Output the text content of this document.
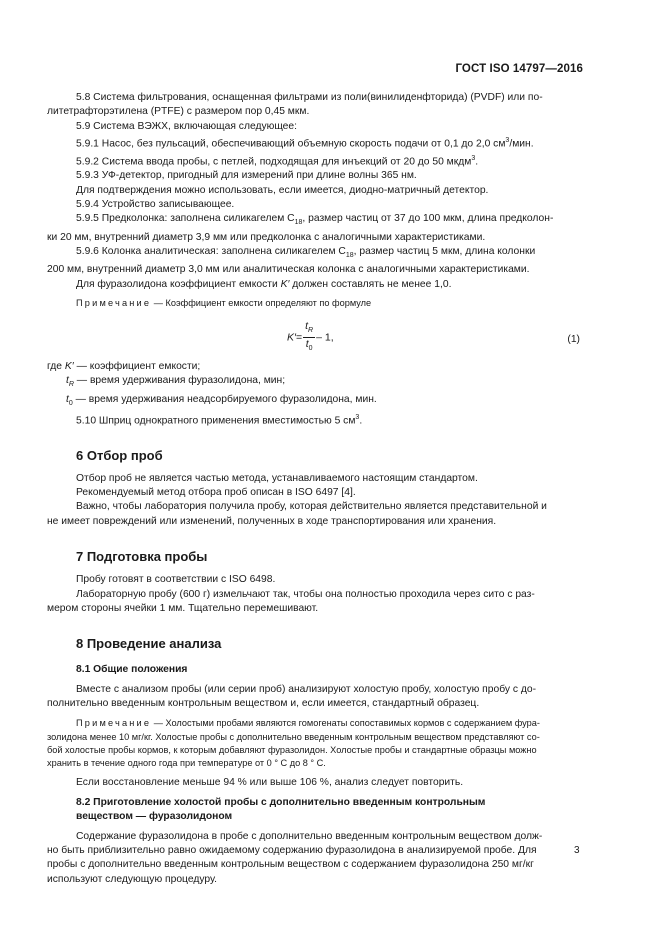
ГОСТ ISO 14797—2016

5.8 Система фильтрования, оснащенная фильтрами из поли(винилиденфторида) (PVDF) или по-

литетрафторэтилена (PTFE) с размером пор 0,45 мкм.

5.9 Система ВЭЖХ, включающая следующее:

5.9.1 Насос, без пульсаций, обеспечивающий объемную скорость подачи от 0,1 до 2,0 $см^3$/мин.

5.9.2 Система ввода пробы, с петлей, подходящая для инъекций от 20 до 50 мкдм$^3$.

5.9.3 УФ-детектор, пригодный для измерений при длине волны 365 нм.

Для подтверждения можно использовать, если имеется, диодно-матричный детектор.

5.9.4 Устройство записывающее.

5.9.5 Предколонка: заполнена силикагелем $C_{18}$, размер частиц от 37 до 100 мкм, длина предколон-

ки 20 мм, внутренний диаметр 3,9 мм или предколонка с аналогичными характеристиками.

5.9.6 Колонка аналитическая: заполнена силикагелем $C_{18}$, размер частиц 5 мкм, длина колонки

200 мм, внутренний диаметр 3,0 мм или аналитическая колонка с аналогичными характеристиками.

Для фуразолидона коэффициент емкости K′ должен составлять не менее 1,0.

Примечание — Коэффициент емкости определяют по формуле

$K'= \frac{t_R}{t_0} - 1$,	(1)

где K′ — коэффициент емкости;

$t_R$ — время удерживания фуразолидона, мин;

$t_0$ — время удерживания неадсорбируемого фуразолидона, мин.

5.10 Шприц однократного применения вместимостью 5 $см^3$.

6 Отбор проб

Отбор проб не является частью метода, устанавливаемого настоящим стандартом.

Рекомендуемый метод отбора проб описан в ISO 6497 [4].

Важно, чтобы лаборатория получила пробу, которая действительно является представительной и

не имеет повреждений или изменений, полученных в ходе транспортирования или хранения.

7 Подготовка пробы

Пробу готовят в соответствии с ISO 6498.

Лабораторную пробу (600 г) измельчают так, чтобы она полностью проходила через сито с раз-

мером стороны ячейки 1 мм. Тщательно перемешивают.

8 Проведение анализа
8.1 Общие положения

Вместе с анализом пробы (или серии проб) анализируют холостую пробу, холостую пробу с до-

полнительно введенным контрольным веществом и, если имеется, стандартный образец.

Примечание — Холостыми пробами являются гомогенаты сопоставимых кормов с содержанием фура-

золидона менее 10 мг/кг. Холостые пробы с дополнительно введенным контрольным веществом представляют со-

бой холостые пробы кормов, к которым добавляют фуразолидон. Холостые пробы и стандартные образцы можно

хранить в течение одного года при температуре от 0 ° C до 8 ° C.

Если восстановление меньше 94 % или выше 106 %, анализ следует повторить.

8.2 Приготовление холостой пробы с дополнительно введенным контрольным
веществом — фуразолидоном

Содержание фуразолидона в пробе с дополнительно введенным контрольным веществом долж-

но быть приблизительно равно ожидаемому содержанию фуразолидона в анализируемой пробе. Для

пробы с дополнительно введенным контрольным веществом с содержанием фуразолидона 250 мг/кг

используют следующую процедуру.

3
